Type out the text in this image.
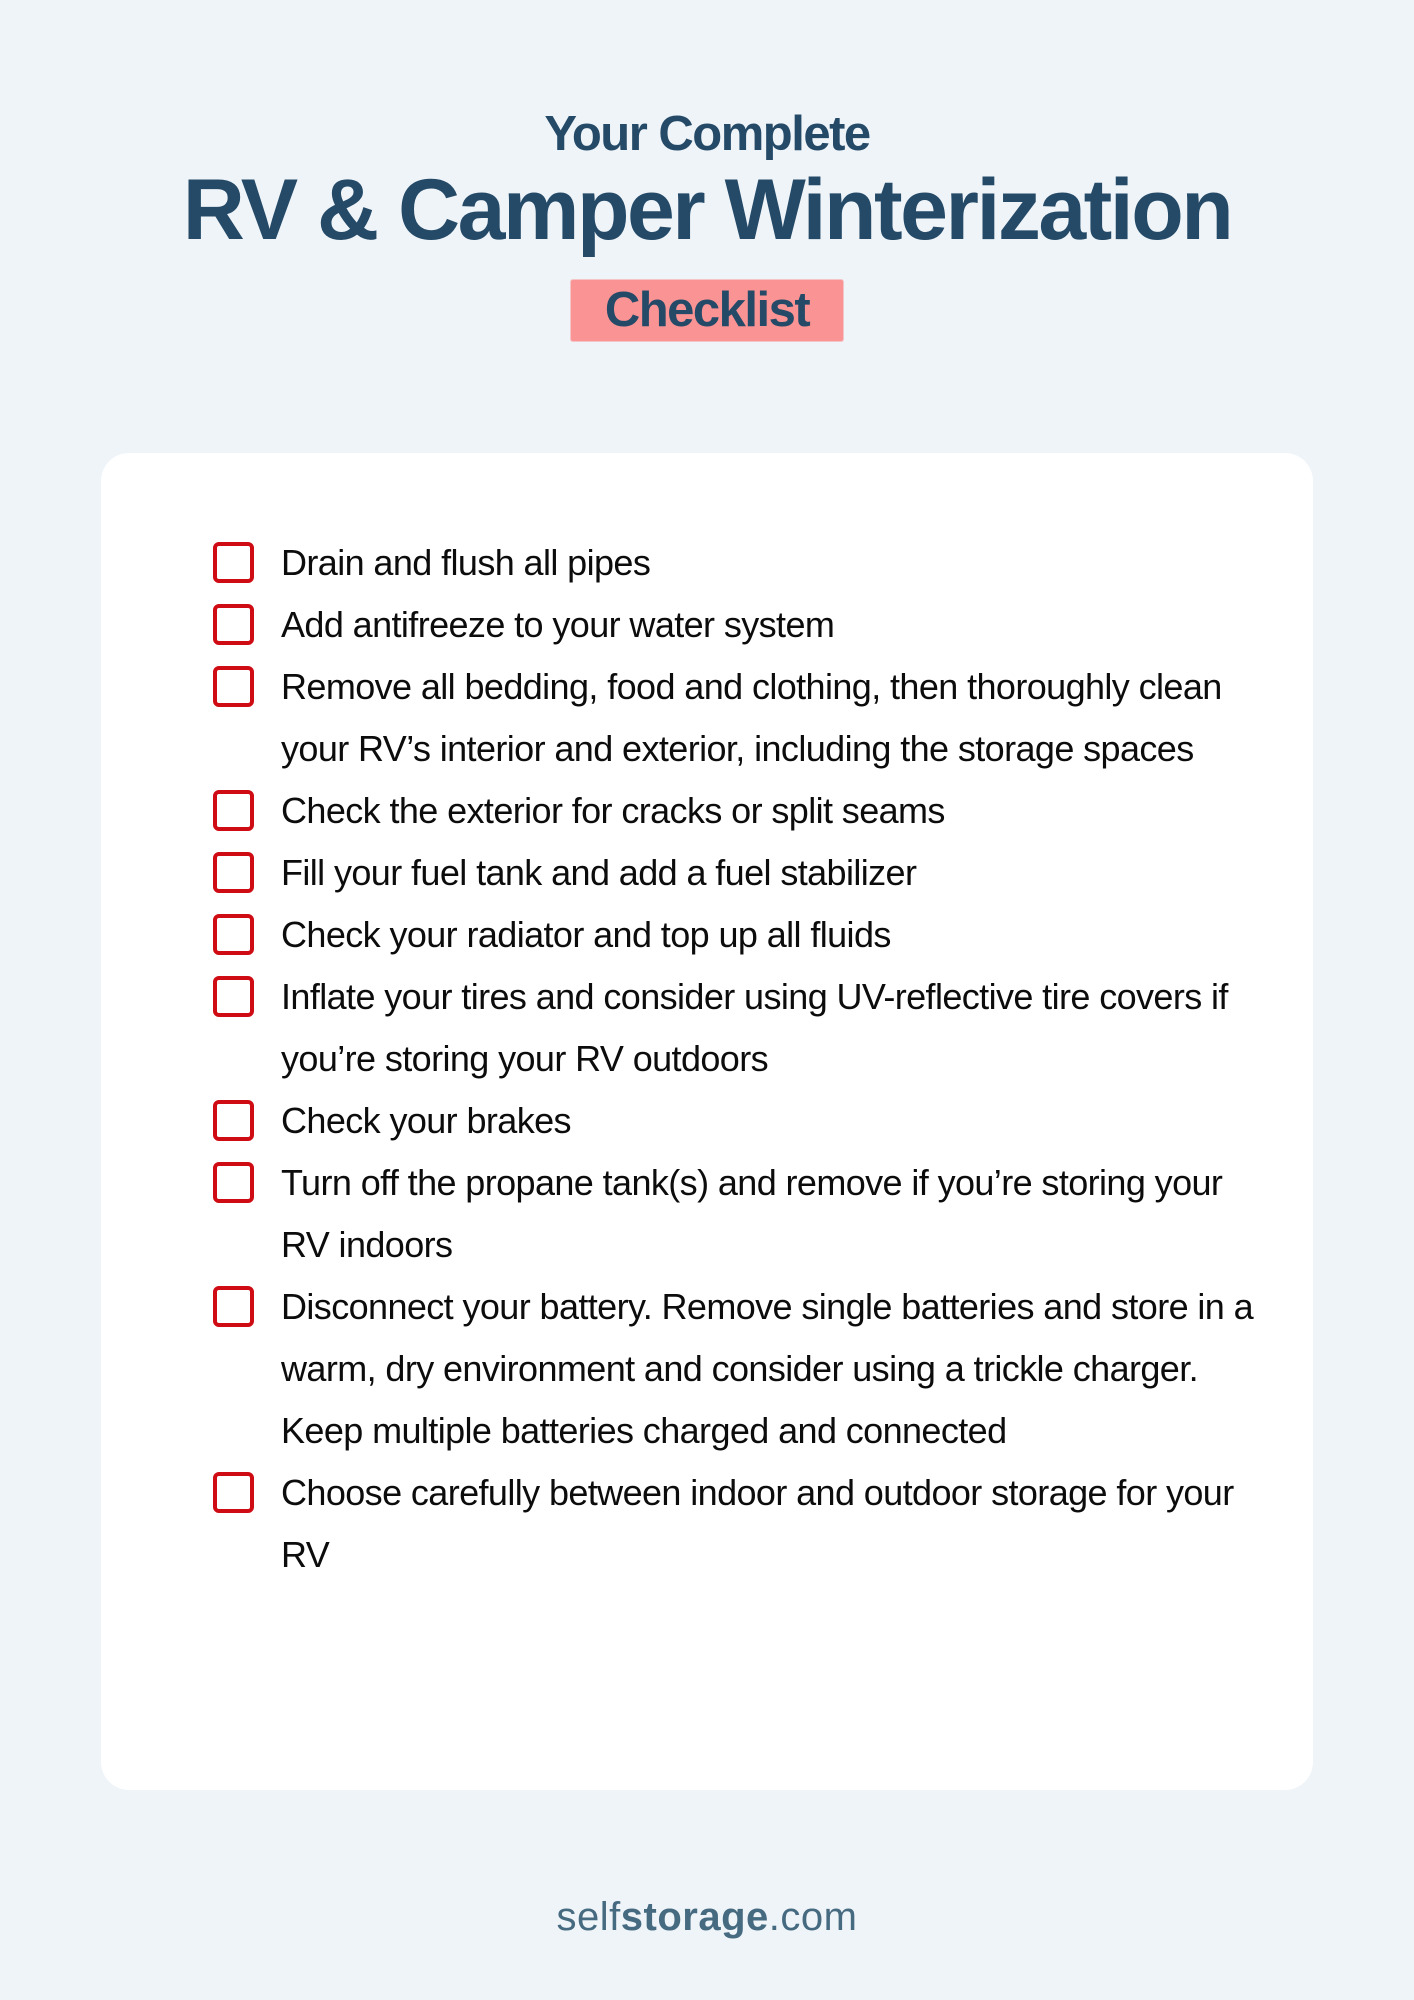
Your Complete
RV & Camper Winterization
Checklist
Drain and flush all pipes
Add antifreeze to your water system
Remove all bedding, food and clothing, then thoroughly clean your RV’s interior and exterior, including the storage spaces
Check the exterior for cracks or split seams
Fill your fuel tank and add a fuel stabilizer
Check your radiator and top up all fluids
Inflate your tires and consider using UV-reflective tire covers if you’re storing your RV outdoors
Check your brakes
Turn off the propane tank(s) and remove if you’re storing your RV indoors
Disconnect your battery. Remove single batteries and store in a warm, dry environment and consider using a trickle charger. Keep multiple batteries charged and connected
Choose carefully between indoor and outdoor storage for your RV
selfstorage.com
